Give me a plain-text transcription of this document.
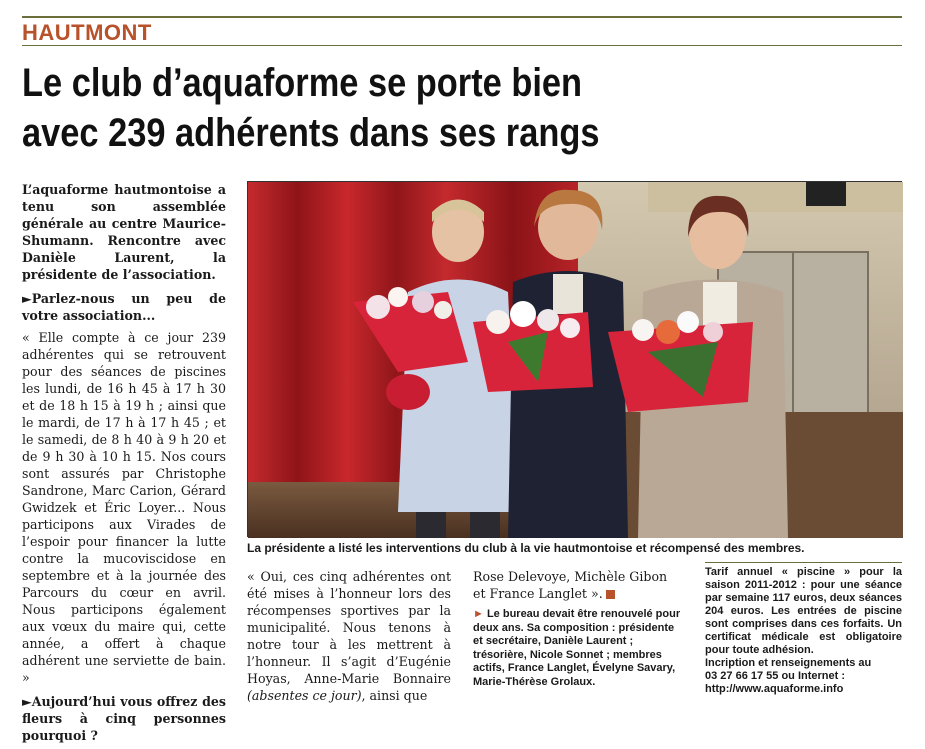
HAUTMONT
Le club d’aquaforme se porte bien
avec 239 adhérents dans ses rangs

L’aquaforme hautmontoise a tenu son assemblée générale au centre Maurice-Shumann. Rencontre avec Danièle Laurent, la présidente de l’association.

►Parlez-nous un peu de votre association...

« Elle compte à ce jour 239 adhérentes qui se retrouvent pour des séances de piscines les lundi, de 16 h 45 à 17 h 30 et de 18 h 15 à 19 h ; ainsi que le mardi, de 17 h à 17 h 45 ; et le samedi, de 8 h 40 à 9 h 20 et de 9 h 30 à 10 h 15. Nos cours sont assurés par Christophe Sandrone, Marc Carion, Gérard Gwidzek et Éric Loyer... Nous participons aux Virades de l’espoir pour financer la lutte contre la mucoviscidose en septembre et à la journée des Parcours du cœur en avril. Nous participons également aux vœux du maire qui, cette année, a offert à chaque adhérent une serviette de bain. »

►Aujourd’hui vous offrez des fleurs à cinq personnes pourquoi ?

La présidente a listé les interventions du club à la vie hautmontoise et récompensé des membres.

« Oui, ces cinq adhérentes ont été mises à l’honneur lors des récompenses sportives par la municipalité. Nous tenons à notre tour à les mettrent à l’honneur. Il s’agit d’Eugénie Hoyas, Anne-Marie Bonnaire (absentes ce jour), ainsi que

Rose Delevoye, Michèle Gibon et France Langlet ».

► Le bureau devait être renouvelé pour deux ans. Sa composition : présidente et secrétaire, Danièle Laurent ; trésorière, Nicole Sonnet ; membres actifs, France Langlet, Évelyne Savary, Marie-Thérèse Grolaux.

Tarif annuel « piscine » pour la saison 2011-2012 : pour une séance par semaine 117 euros, deux séances 204 euros. Les entrées de piscine sont comprises dans ces forfaits. Un certificat médicale est obligatoire pour toute adhésion.

Incription et renseignements au

03 27 66 17 55 ou Internet :

http://www.aquaforme.info
